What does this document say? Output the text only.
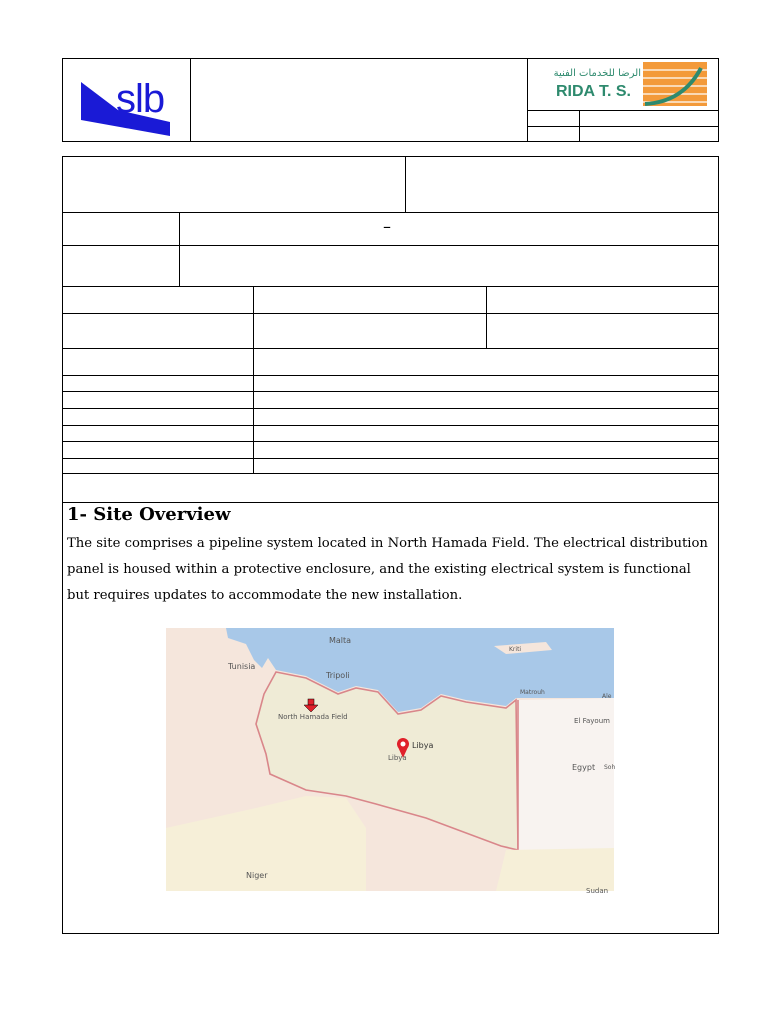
slb
الرضا للخدمات الفنية
RIDA T. S.
–
1- Site Overview

The site comprises a pipeline system located in North Hamada Field. The electrical distribution panel is housed within a protective enclosure, and the existing electrical system is functional but requires updates to accommodate the new installation.

Malta
Tunisia
Tripoli
Kriti
Matrouh
Ale
El Fayoum
Egypt Soh
North Hamada Field
Libya
Libya
Niger
Sudan
